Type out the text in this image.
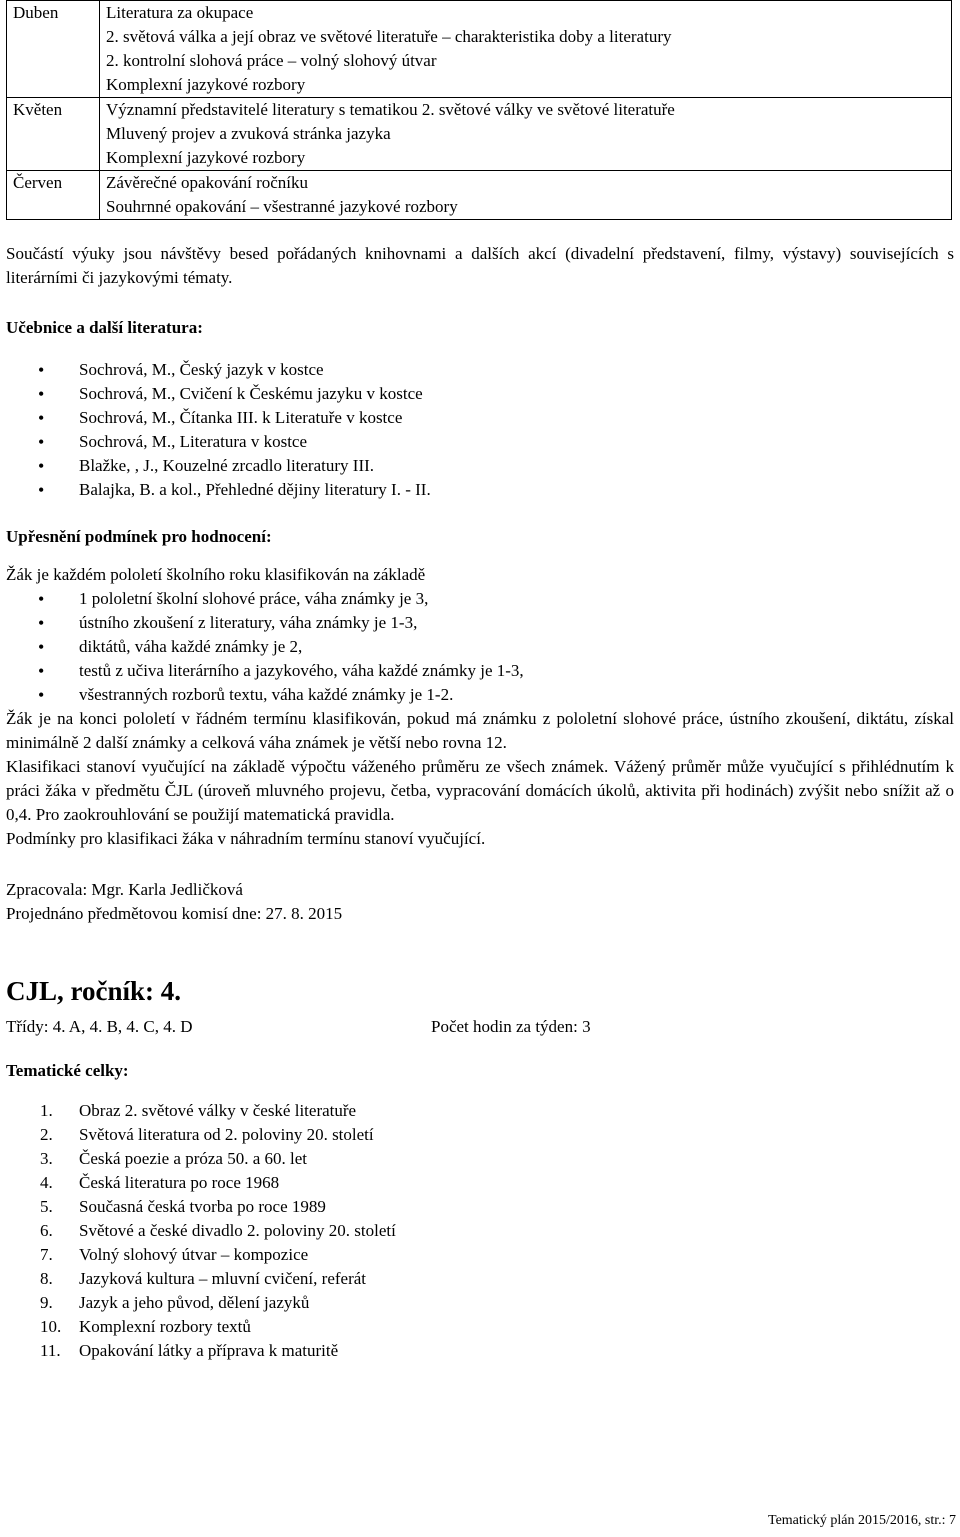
Duben	Literatura za okupace
2. světová válka a její obraz ve světové literatuře – charakteristika doby a literatury
2. kontrolní slohová práce – volný slohový útvar
Komplexní jazykové rozbory

Květen	Významní představitelé literatury s tematikou 2. světové války ve světové literatuře
Mluvený projev a zvuková stránka jazyka
Komplexní jazykové rozbory

Červen	Závěrečné opakování ročníku
Souhrnné opakování – všestranné jazykové rozbory

Součástí výuky jsou návštěvy besed pořádaných knihovnami a dalších akcí (divadelní představení, filmy, výstavy) souvisejících s literárními či jazykovými tématy.

Učebnice a další literatura:
• Sochrová, M., Český jazyk v kostce
• Sochrová, M., Cvičení k Českému jazyku v kostce
• Sochrová, M., Čítanka III. k Literatuře v kostce
• Sochrová, M., Literatura v kostce
• Blažke, , J., Kouzelné zrcadlo literatury III.
• Balajka, B. a kol., Přehledné dějiny literatury I. - II.
Upřesnění podmínek pro hodnocení:

Žák je každém pololetí školního roku klasifikován na základě

• 1 pololetní školní slohové práce, váha známky je 3,
• ústního zkoušení z literatury, váha známky je 1-3,
• diktátů, váha každé známky je 2,
• testů z učiva literárního a jazykového, váha každé známky je 1-3,
• všestranných rozborů textu, váha každé známky je 1-2.

Žák je na konci pololetí v řádném termínu klasifikován, pokud má známku z pololetní slohové práce, ústního zkoušení, diktátu, získal minimálně 2 další známky a celková váha známek je větší nebo rovna 12.

Klasifikaci stanoví vyučující na základě výpočtu váženého průměru ze všech známek. Vážený průměr může vyučující s přihlédnutím k práci žáka v předmětu ČJL (úroveň mluvného projevu, četba, vypracování domácích úkolů, aktivita při hodinách) zvýšit nebo snížit až o 0,4. Pro zaokrouhlování se použijí matematická pravidla.

Podmínky pro klasifikaci žáka v náhradním termínu stanoví vyučující.

Zpracovala: Mgr. Karla Jedličková

Projednáno předmětovou komisí dne: 27. 8. 2015

CJL, ročník: 4.
Třídy: 4. A, 4. B, 4. C, 4. D	Počet hodin za týden: 3
Tematické celky:
1. Obraz 2. světové války v české literatuře
2. Světová literatura od 2. poloviny 20. století
3. Česká poezie a próza 50. a 60. let
4. Česká literatura po roce 1968
5. Současná česká tvorba po roce 1989
6. Světové a české divadlo 2. poloviny 20. století
7. Volný slohový útvar – kompozice
8. Jazyková kultura – mluvní cvičení, referát
9. Jazyk a jeho původ, dělení jazyků
10. Komplexní rozbory textů
11. Opakování látky a příprava k maturitě
Tematický plán 2015/2016, str.: 7
